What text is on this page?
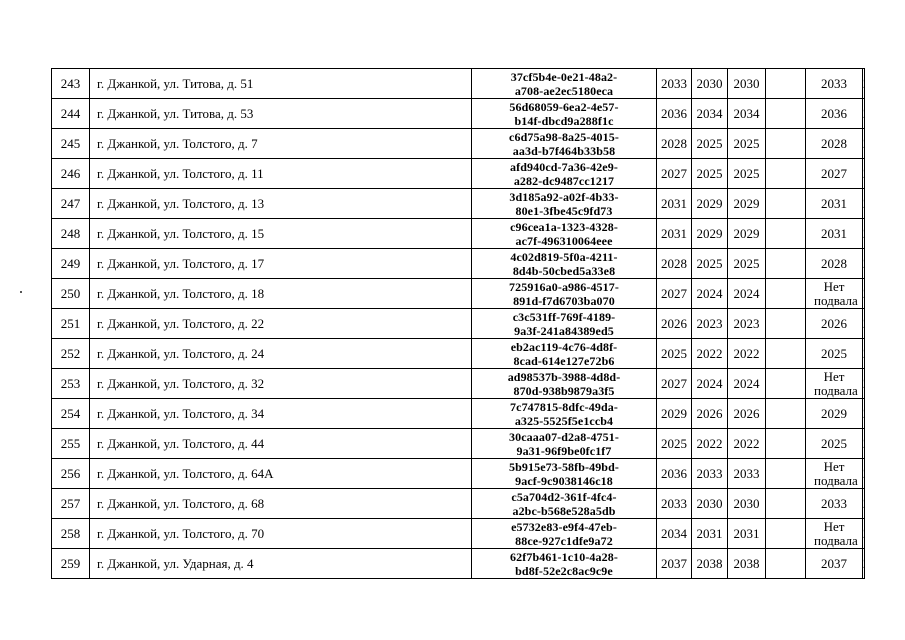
243	г. Джанкой, ул. Титова, д. 51	37cf5b4e-0e21-48a2-
a708-ae2ec5180eca	2033	2030	2030		2033	
244	г. Джанкой, ул. Титова, д. 53	56d68059-6ea2-4e57-
b14f-dbcd9a288f1c	2036	2034	2034		2036	
245	г. Джанкой, ул. Толстого, д. 7	c6d75a98-8a25-4015-
aa3d-b7f464b33b58	2028	2025	2025		2028	
246	г. Джанкой, ул. Толстого, д. 11	afd940cd-7a36-42e9-
a282-dc9487cc1217	2027	2025	2025		2027	
247	г. Джанкой, ул. Толстого, д. 13	3d185a92-a02f-4b33-
80e1-3fbe45c9fd73	2031	2029	2029		2031	
248	г. Джанкой, ул. Толстого, д. 15	c96cea1a-1323-4328-
ac7f-496310064eee	2031	2029	2029		2031	
249	г. Джанкой, ул. Толстого, д. 17	4c02d819-5f0a-4211-
8d4b-50cbed5a33e8	2028	2025	2025		2028	
250	г. Джанкой, ул. Толстого, д. 18	725916a0-a986-4517-
891d-f7d6703ba070	2027	2024	2024		Нет подвала	
251	г. Джанкой, ул. Толстого, д. 22	c3c531ff-769f-4189-
9a3f-241a84389ed5	2026	2023	2023		2026	
252	г. Джанкой, ул. Толстого, д. 24	eb2ac119-4c76-4d8f-
8cad-614e127e72b6	2025	2022	2022		2025	
253	г. Джанкой, ул. Толстого, д. 32	ad98537b-3988-4d8d-
870d-938b9879a3f5	2027	2024	2024		Нет подвала	
254	г. Джанкой, ул. Толстого, д. 34	7c747815-8dfc-49da-
a325-5525f5e1ccb4	2029	2026	2026		2029	
255	г. Джанкой, ул. Толстого, д. 44	30caaa07-d2a8-4751-
9a31-96f9be0fc1f7	2025	2022	2022		2025	
256	г. Джанкой, ул. Толстого, д. 64А	5b915e73-58fb-49bd-
9acf-9c9038146c18	2036	2033	2033		Нет подвала	
257	г. Джанкой, ул. Толстого, д. 68	c5a704d2-361f-4fc4-
a2bc-b568e528a5db	2033	2030	2030		2033	
258	г. Джанкой, ул. Толстого, д. 70	e5732e83-e9f4-47eb-
88ce-927c1dfe9a72	2034	2031	2031		Нет подвала	
259	г. Джанкой, ул. Ударная, д. 4	62f7b461-1c10-4a28-
bd8f-52e2c8ac9c9e	2037	2038	2038		2037	
